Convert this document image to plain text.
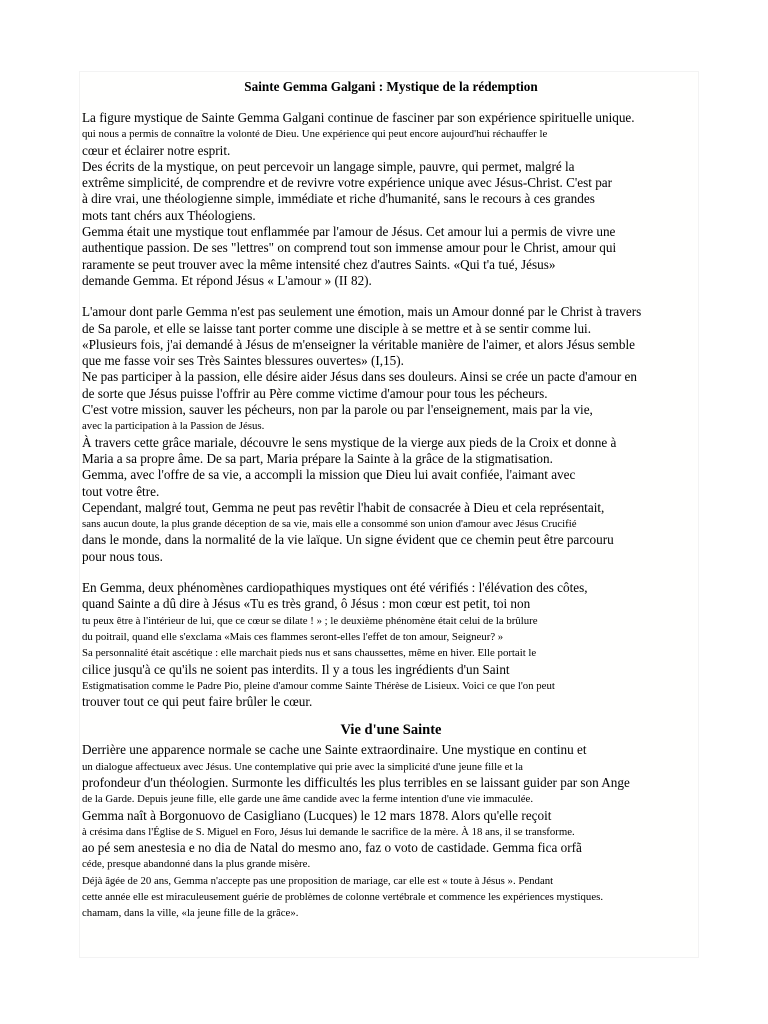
Sainte Gemma Galgani : Mystique de la rédemption
La figure mystique de Sainte Gemma Galgani continue de fasciner par son expérience spirituelle unique.
qui nous a permis de connaître la volonté de Dieu. Une expérience qui peut encore aujourd'hui réchauffer le
cœur et éclairer notre esprit.
Des écrits de la mystique, on peut percevoir un langage simple, pauvre, qui permet, malgré la
extrême simplicité, de comprendre et de revivre votre expérience unique avec Jésus-Christ. C'est par
à dire vrai, une théologienne simple, immédiate et riche d'humanité, sans le recours à ces grandes
mots tant chérs aux Théologiens.
Gemma était une mystique tout enflammée par l'amour de Jésus. Cet amour lui a permis de vivre une
authentique passion. De ses "lettres" on comprend tout son immense amour pour le Christ, amour qui
raramente se peut trouver avec la même intensité chez d'autres Saints. «Qui t'a tué, Jésus»
demande Gemma. Et répond Jésus « L'amour » (II 82).
L'amour dont parle Gemma n'est pas seulement une émotion, mais un Amour donné par le Christ à travers
de Sa parole, et elle se laisse tant porter comme une disciple à se mettre et à se sentir comme lui.
«Plusieurs fois, j'ai demandé à Jésus de m'enseigner la véritable manière de l'aimer, et alors Jésus semble
que me fasse voir ses Très Saintes blessures ouvertes» (I,15).
Ne pas participer à la passion, elle désire aider Jésus dans ses douleurs. Ainsi se crée un pacte d'amour en
de sorte que Jésus puisse l'offrir au Père comme victime d'amour pour tous les pécheurs.
C'est votre mission, sauver les pécheurs, non par la parole ou par l'enseignement, mais par la vie,
avec la participation à la Passion de Jésus.
À travers cette grâce mariale, découvre le sens mystique de la vierge aux pieds de la Croix et donne à
Maria a sa propre âme. De sa part, Maria prépare la Sainte à la grâce de la stigmatisation.
Gemma, avec l'offre de sa vie, a accompli la mission que Dieu lui avait confiée, l'aimant avec
tout votre être.
Cependant, malgré tout, Gemma ne peut pas revêtir l'habit de consacrée à Dieu et cela représentait,
sans aucun doute, la plus grande déception de sa vie, mais elle a consommé son union d'amour avec Jésus Crucifié
dans le monde, dans la normalité de la vie laïque. Un signe évident que ce chemin peut être parcouru
pour nous tous.
En Gemma, deux phénomènes cardiopathiques mystiques ont été vérifiés : l'élévation des côtes,
quand Sainte a dû dire à Jésus «Tu es très grand, ô Jésus : mon cœur est petit, toi non
tu peux être à l'intérieur de lui, que ce cœur se dilate ! » ; le deuxième phénomène était celui de la brûlure
du poitrail, quand elle s'exclama «Mais ces flammes seront-elles l'effet de ton amour, Seigneur? »
Sa personnalité était ascétique : elle marchait pieds nus et sans chaussettes, même en hiver. Elle portait le
cilice jusqu'à ce qu'ils ne soient pas interdits. Il y a tous les ingrédients d'un Saint
Estigmatisation comme le Padre Pio, pleine d'amour comme Sainte Thérèse de Lisieux. Voici ce que l'on peut
trouver tout ce qui peut faire brûler le cœur.
Vie d'une Sainte
Derrière une apparence normale se cache une Sainte extraordinaire. Une mystique en continu et
un dialogue affectueux avec Jésus. Une contemplative qui prie avec la simplicité d'une jeune fille et la
profondeur d'un théologien. Surmonte les difficultés les plus terribles en se laissant guider par son Ange
de la Garde. Depuis jeune fille, elle garde une âme candide avec la ferme intention d'une vie immaculée.
Gemma naît à Borgonuovo de Casigliano (Lucques) le 12 mars 1878. Alors qu'elle reçoit
à crésima dans l'Église de S. Miguel en Foro, Jésus lui demande le sacrifice de la mère. À 18 ans, il se transforme.
ao pé sem anestesia e no dia de Natal do mesmo ano, faz o voto de castidade. Gemma fica orfã
céde, presque abandonné dans la plus grande misère.
Déjà âgée de 20 ans, Gemma n'accepte pas une proposition de mariage, car elle est « toute à Jésus ». Pendant
cette année elle est miraculeusement guérie de problèmes de colonne vertébrale et commence les expériences mystiques.
chamam, dans la ville, «la jeune fille de la grâce».
